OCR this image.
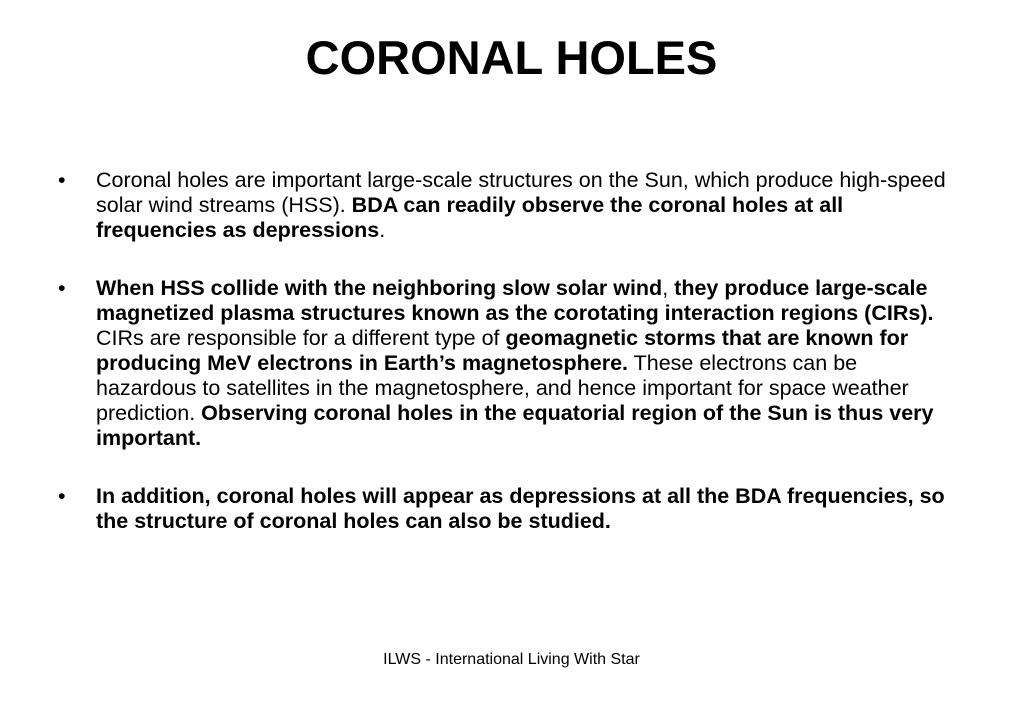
CORONAL HOLES
•	Coronal holes are important large-scale structures on the Sun, which produce high-speed solar wind streams (HSS). BDA can readily observe the coronal holes at all frequencies as depressions.
•	When HSS collide with the neighboring slow solar wind, they produce large-scale magnetized plasma structures known as the corotating interaction regions (CIRs). CIRs are responsible for a different type of geomagnetic storms that are known for producing MeV electrons in Earth’s magnetosphere. These electrons can be hazardous to satellites in the magnetosphere, and hence important for space weather prediction. Observing coronal holes in the equatorial region of the Sun is thus very important.
•	In addition, coronal holes will appear as depressions at all the BDA frequencies, so the structure of coronal holes can also be studied.
ILWS - International Living With Star
